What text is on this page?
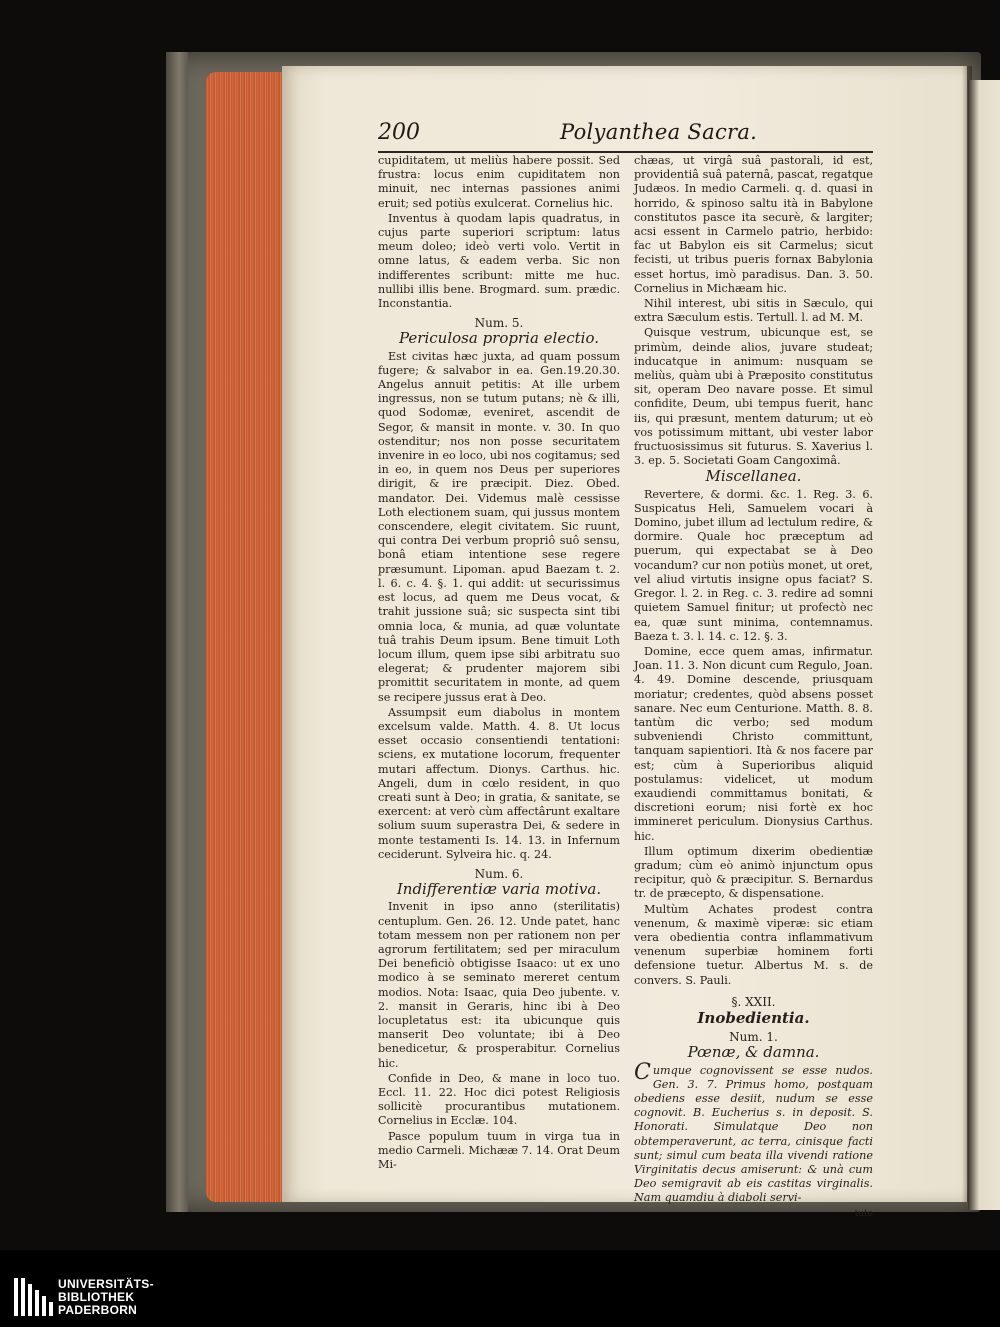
200	Polyanthea Sacra.

cupiditatem, ut meliùs habere possit. Sed frustra: locus enim cupiditatem non minuit, nec internas passiones animi eruit; sed potiùs exulcerat. Cornelius hic.

Inventus à quodam lapis quadratus, in cujus parte superiori scriptum: latus meum doleo; ideò verti volo. Vertit in omne latus, & eadem verba. Sic non indifferentes scribunt: mitte me huc. nullibi illis bene. Brogmard. sum. prædic. Inconstantia.

Num. 5.
Periculosa propria electio.

Est civitas hæc juxta, ad quam possum fugere; & salvabor in ea. Gen.19.20.30. Angelus annuit petitis: At ille urbem ingressus, non se tutum putans; nè & illi, quod Sodomæ, eveniret, ascendit de Segor, & mansit in monte. v. 30. In quo ostenditur; nos non posse securitatem invenire in eo loco, ubi nos cogitamus; sed in eo, in quem nos Deus per superiores dirigit, & ire præcipit. Diez. Obed. mandator. Dei. Videmus malè cessisse Loth electionem suam, qui jussus montem conscendere, elegit civitatem. Sic ruunt, qui contra Dei verbum propriô suô sensu, bonâ etiam intentione sese regere præsumunt. Lipoman. apud Baezam t. 2. l. 6. c. 4. §. 1. qui addit: ut securissimus est locus, ad quem me Deus vocat, & trahit jussione suâ; sic suspecta sint tibi omnia loca, & munia, ad quæ voluntate tuâ trahis Deum ipsum. Bene timuit Loth locum illum, quem ipse sibi arbitratu suo elegerat; & prudenter majorem sibi promittit securitatem in monte, ad quem se recipere jussus erat à Deo.

Assumpsit eum diabolus in montem excelsum valde. Matth. 4. 8. Ut locus esset occasio consentiendi tentationi: sciens, ex mutatione locorum, frequenter mutari affectum. Dionys. Carthus. hic. Angeli, dum in cœlo resident, in quo creati sunt à Deo; in gratia, & sanitate, se exercent: at verò cùm affectârunt exaltare solium suum superastra Dei, & sedere in monte testamenti Is. 14. 13. in Infernum ceciderunt. Sylveira hic. q. 24.

Num. 6.
Indifferentiæ varia motiva.

Invenit in ipso anno (sterilitatis) centuplum. Gen. 26. 12. Unde patet, hanc totam messem non per rationem non per agrorum fertilitatem; sed per miraculum Dei beneficiò obtigisse Isaaco: ut ex uno modico à se seminato mereret centum modios. Nota: Isaac, quia Deo jubente. v. 2. mansit in Geraris, hinc ibi à Deo locupletatus est: ita ubicunque quis manserit Deo voluntate; ibi à Deo benedicetur, & prosperabitur. Cornelius hic.

Confide in Deo, & mane in loco tuo. Eccl. 11. 22. Hoc dici potest Religiosis sollicitè procurantibus mutationem. Cornelius in Ecclæ. 104.

Pasce populum tuum in virga tua in medio Carmeli. Michææ 7. 14. Orat Deum Mi-

chæas, ut virgâ suâ pastorali, id est, providentiâ suâ paternâ, pascat, regatque Judæos. In medio Carmeli. q. d. quasi in horrido, & spinoso saltu ità in Babylone constitutos pasce ita securè, & largiter; acsi essent in Carmelo patrio, herbido: fac ut Babylon eis sit Carmelus; sicut fecisti, ut tribus pueris fornax Babylonia esset hortus, imò paradisus. Dan. 3. 50. Cornelius in Michæam hic.

Nihil interest, ubi sitis in Sæculo, qui extra Sæculum estis. Tertull. l. ad M. M.

Quisque vestrum, ubicunque est, se primùm, deinde alios, juvare studeat; inducatque in animum: nusquam se meliùs, quàm ubi à Præposito constitutus sit, operam Deo navare posse. Et simul confidite, Deum, ubi tempus fuerit, hanc iis, qui præsunt, mentem daturum; ut eò vos potissimum mittant, ubi vester labor fructuosissimus sit futurus. S. Xaverius l. 3. ep. 5. Societati Goam Cangoximâ.

Miscellanea.

Revertere, & dormi. &c. 1. Reg. 3. 6. Suspicatus Heli, Samuelem vocari à Domino, jubet illum ad lectulum redire, & dormire. Quale hoc præceptum ad puerum, qui expectabat se à Deo vocandum? cur non potiùs monet, ut oret, vel aliud virtutis insigne opus faciat? S. Gregor. l. 2. in Reg. c. 3. redire ad somni quietem Samuel finitur; ut profectò nec ea, quæ sunt minima, contemnamus. Baeza t. 3. l. 14. c. 12. §. 3.

Domine, ecce quem amas, infirmatur. Joan. 11. 3. Non dicunt cum Regulo, Joan. 4. 49. Domine descende, priusquam moriatur; credentes, quòd absens posset sanare. Nec eum Centurione. Matth. 8. 8. tantùm dic verbo; sed modum subveniendi Christo committunt, tanquam sapientiori. Ità & nos facere par est; cùm à Superioribus aliquid postulamus: videlicet, ut modum exaudiendi committamus bonitati, & discretioni eorum; nisi fortè ex hoc immineret periculum. Dionysius Carthus. hic.

Illum optimum dixerim obedientiæ gradum; cùm eò animò injunctum opus recipitur, quò & præcipitur. S. Bernardus tr. de præcepto, & dispensatione.

Multùm Achates prodest contra venenum, & maximè viperæ: sic etiam vera obedientia contra inflammativum venenum superbiæ hominem forti defensione tuetur. Albertus M. s. de convers. S. Pauli.

§. XXII.
Inobedientia.
Num. 1.
Pœnæ, & damna.

Cumque cognovissent se esse nudos. Gen. 3. 7. Primus homo, postquam obediens esse desiit, nudum se esse cognovit. B. Eucherius s. in deposit. S. Honorati. Simulatque Deo non obtemperaverunt, ac terra, cinisque facti sunt; simul cum beata illa vivendi ratione Virginitatis decus amiserunt: & unà cum Deo semigravit ab eis castitas virginalis. Nam quamdiu à diaboli servi-

tute
UNIVERSITÄTS-
BIBLIOTHEK
PADERBORN
